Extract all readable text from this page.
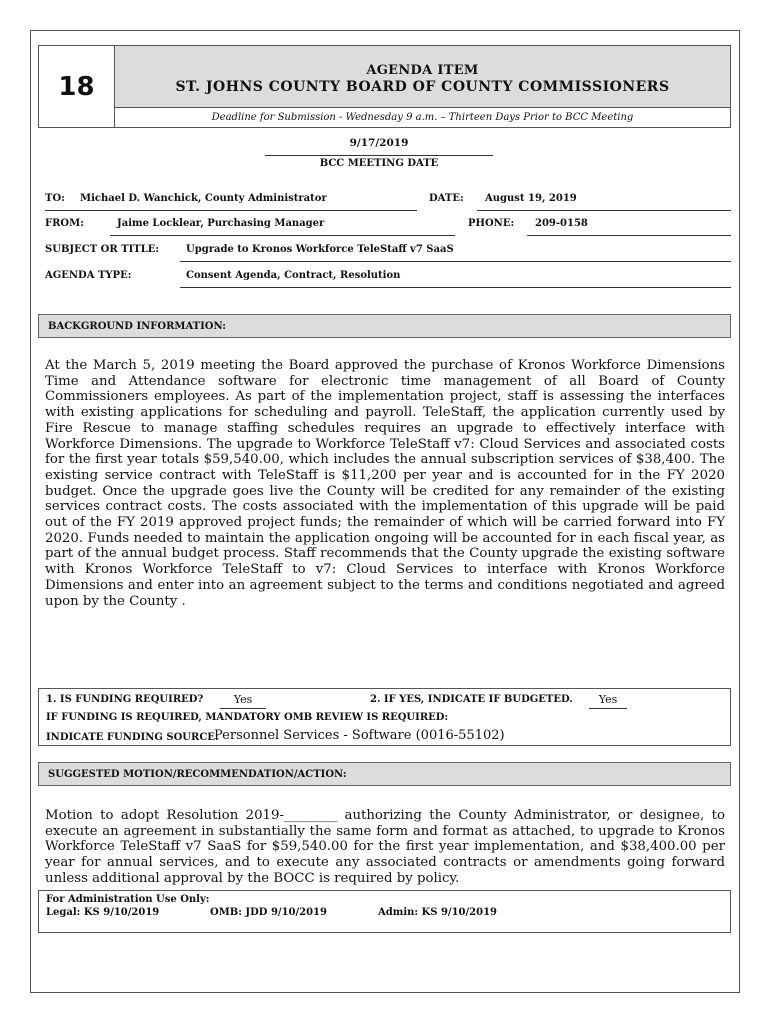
18
AGENDA ITEM
ST. JOHNS COUNTY BOARD OF COUNTY COMMISSIONERS
Deadline for Submission - Wednesday 9 a.m. – Thirteen Days Prior to BCC Meeting
9/17/2019
BCC MEETING DATE
TO: Michael D. Wanchick, County Administrator	DATE: August 19, 2019
FROM:	Jaime Locklear, Purchasing Manager	PHONE: 209-0158
SUBJECT OR TITLE:	Upgrade to Kronos Workforce TeleStaff v7 SaaS
AGENDA TYPE:	Consent Agenda, Contract, Resolution
BACKGROUND INFORMATION:
At the March 5, 2019 meeting the Board approved the purchase of Kronos Workforce Dimensions Time and Attendance software for electronic time management of all Board of County Commissioners employees. As part of the implementation project, staff is assessing the interfaces with existing applications for scheduling and payroll. TeleStaff, the application currently used by Fire Rescue to manage staffing schedules requires an upgrade to effectively interface with Workforce Dimensions. The upgrade to Workforce TeleStaff v7: Cloud Services and associated costs for the first year totals $59,540.00, which includes the annual subscription services of $38,400. The existing service contract with TeleStaff is $11,200 per year and is accounted for in the FY 2020 budget. Once the upgrade goes live the County will be credited for any remainder of the existing services contract costs. The costs associated with the implementation of this upgrade will be paid out of the FY 2019 approved project funds; the remainder of which will be carried forward into FY 2020. Funds needed to maintain the application ongoing will be accounted for in each fiscal year, as part of the annual budget process. Staff recommends that the County upgrade the existing software with Kronos Workforce TeleStaff to v7: Cloud Services to interface with Kronos Workforce Dimensions and enter into an agreement subject to the terms and conditions negotiated and agreed upon by the County .
1. IS FUNDING REQUIRED?	Yes	2. IF YES, INDICATE IF BUDGETED.	Yes
IF FUNDING IS REQUIRED, MANDATORY OMB REVIEW IS REQUIRED:
INDICATE FUNDING SOURCE:
Personnel Services - Software (0016-55102)
SUGGESTED MOTION/RECOMMENDATION/ACTION:
Motion to adopt Resolution 2019-________ authorizing the County Administrator, or designee, to execute an agreement in substantially the same form and format as attached, to upgrade to Kronos Workforce TeleStaff v7 SaaS for $59,540.00 for the first year implementation, and $38,400.00 per year for annual services, and to execute any associated contracts or amendments going forward unless additional approval by the BOCC is required by policy.
For Administration Use Only:
Legal: KS 9/10/2019	OMB: JDD 9/10/2019	Admin: KS 9/10/2019
